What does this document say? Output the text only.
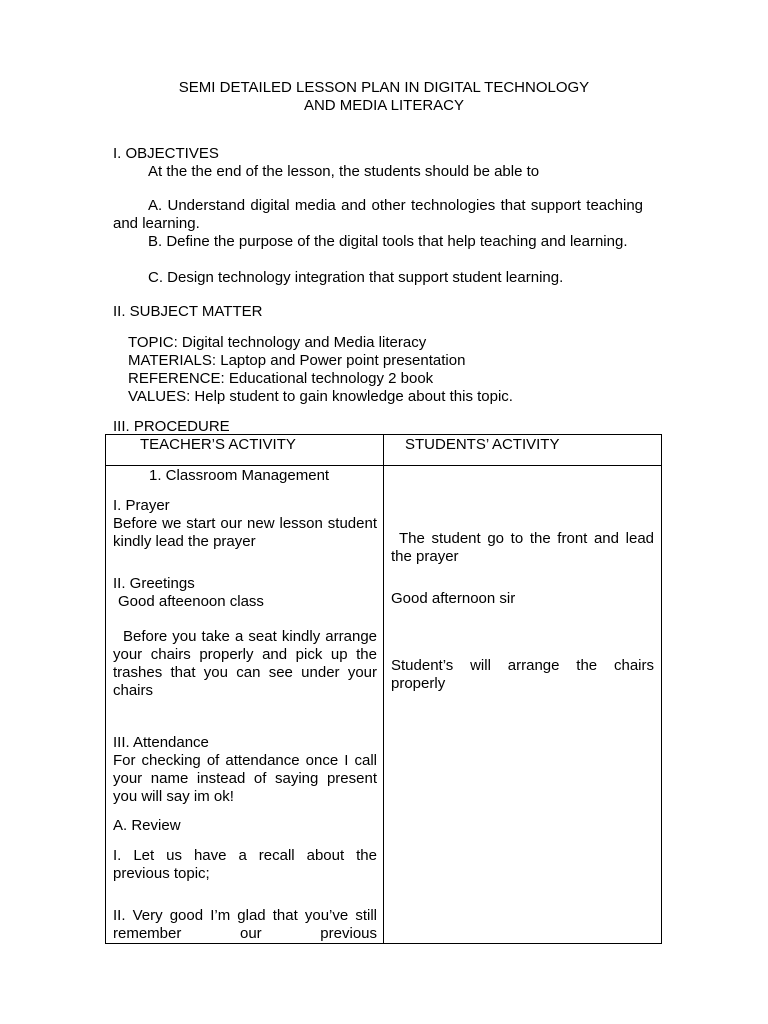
SEMI DETAILED LESSON PLAN IN DIGITAL TECHNOLOGY
AND MEDIA LITERACY
I. OBJECTIVES
At the the end of the lesson, the students should be able to
A. Understand digital media and other technologies that support teaching and learning.
B. Define the purpose of the digital tools that help teaching and learning.
C. Design technology integration that support student learning.
II. SUBJECT MATTER
TOPIC: Digital technology and Media literacy
MATERIALS: Laptop and Power point presentation
REFERENCE: Educational technology 2 book
VALUES: Help student to gain knowledge about this topic.
III. PROCEDURE
TEACHER’S ACTIVITY	STUDENTS’ ACTIVITY
1. Classroom Management
I. Prayer
Before we start our new lesson student kindly lead the prayer
II. Greetings
Good afteenoon class
Before you take a seat kindly arrange your chairs properly and pick up the trashes that you can see under your chairs
III. Attendance
For checking of attendance once I call your name instead of saying present you will say im ok!
A. Review
I. Let us have a recall about the previous topic;
II. Very good I’m glad that you’ve still remember our previous
The student go to the front and lead the prayer
Good afternoon sir
Student’s will arrange the chairs properly
